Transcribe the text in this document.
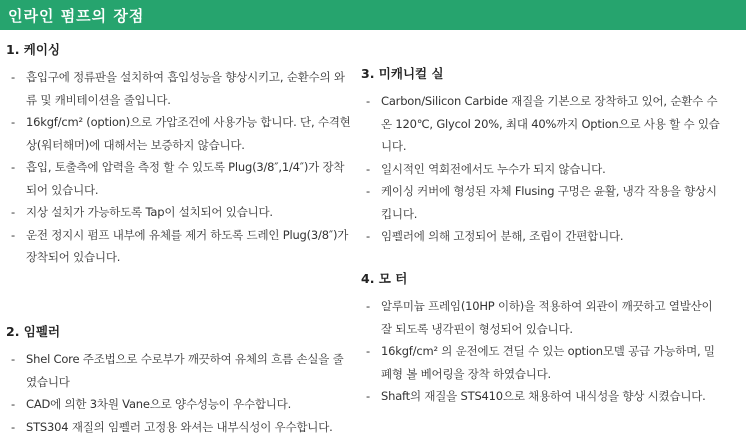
인라인 펌프의 장점
1. 케이싱
- 흡입구에 정류판을 설치하여 흡입성능을 향상시키고, 순환수의 와류 및 캐비테이션을 줄입니다.
- 16kgf/cm² (option)으로 가압조건에 사용가능 합니다. 단, 수격현상(워터해머)에 대해서는 보증하지 않습니다.
- 흡입, 토출측에 압력을 측정 할 수 있도록 Plug(3/8″,1/4″)가 장착되어 있습니다.
- 지상 설치가 가능하도록 Tap이 설치되어 있습니다.
- 운전 정지시 펌프 내부에 유체를 제거 하도록 드레인 Plug(3/8″)가 장착되어 있습니다.
2. 임펠러
- Shel Core 주조법으로 수로부가 깨끗하여 유체의 흐름 손실을 줄였습니다
- CAD에 의한 3차원 Vane으로 양수성능이 우수합니다.
- STS304 재질의 임펠러 고정용 와셔는 내부식성이 우수합니다.
3. 미캐니컬 실
- Carbon/Silicon Carbide 재질을 기본으로 장착하고 있어, 순환수 수온 120℃, Glycol 20%, 최대 40%까지 Option으로 사용 할 수 있습니다.
- 일시적인 역회전에서도 누수가 되지 않습니다.
- 케이싱 커버에 형성된 자체 Flusing 구멍은 윤활, 냉각 작용을 향상시킵니다.
- 임펠러에 의해 고정되어 분해, 조립이 간편합니다.
4. 모 터
- 알루미늄 프레임(10HP 이하)을 적용하여 외관이 깨끗하고 열발산이 잘 되도록 냉각핀이 형성되어 있습니다.
- 16kgf/cm² 의 운전에도 견딜 수 있는 option모델 공급 가능하며, 밀폐형 볼 베어링을 장착 하였습니다.
- Shaft의 재질을 STS410으로 채용하여 내식성을 향상 시켰습니다.
